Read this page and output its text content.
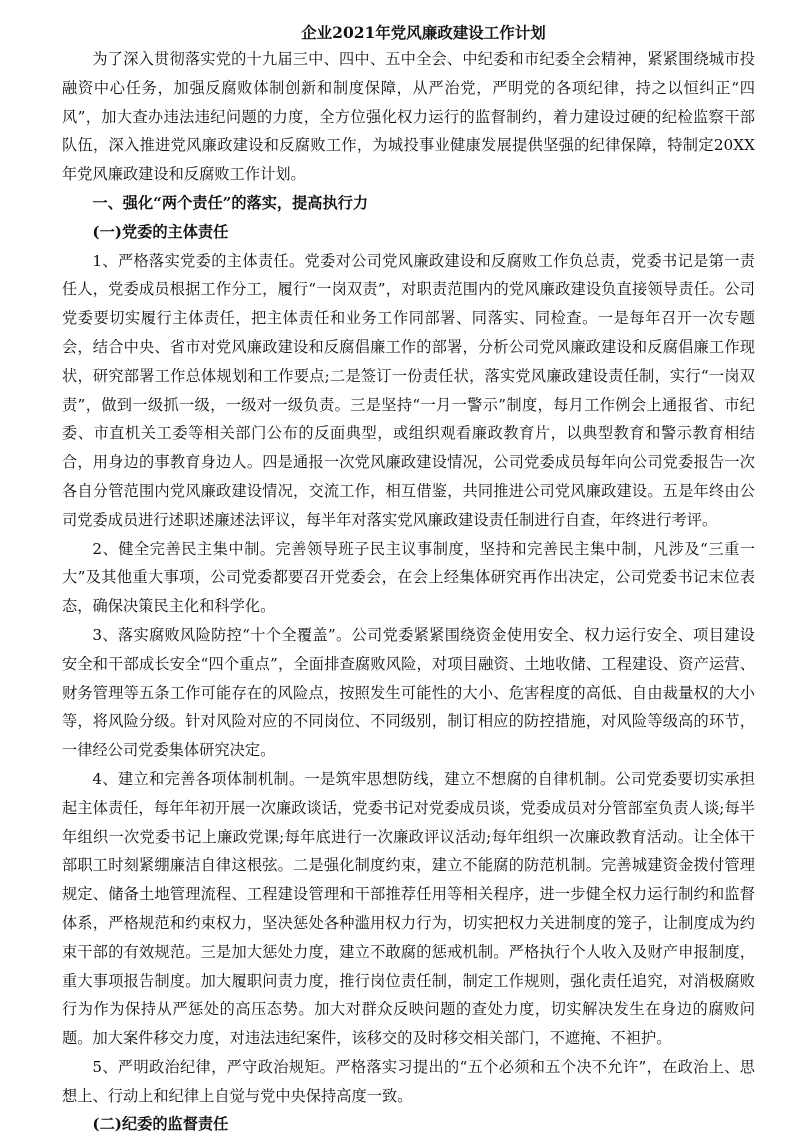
企业2021年党风廉政建设工作计划

为了深入贯彻落实党的十九届三中、四中、五中全会、中纪委和市纪委全会精神，紧紧围绕城市投融资中心任务，加强反腐败体制创新和制度保障，从严治党，严明党的各项纪律，持之以恒纠正“四风”，加大查办违法违纪问题的力度，全方位强化权力运行的监督制约，着力建设过硬的纪检监察干部队伍，深入推进党风廉政建设和反腐败工作，为城投事业健康发展提供坚强的纪律保障，特制定20XX年党风廉政建设和反腐败工作计划。

一、强化“两个责任”的落实，提高执行力

(一)党委的主体责任

1、严格落实党委的主体责任。党委对公司党风廉政建设和反腐败工作负总责，党委书记是第一责任人，党委成员根据工作分工，履行“一岗双责”，对职责范围内的党风廉政建设负直接领导责任。公司党委要切实履行主体责任，把主体责任和业务工作同部署、同落实、同检查。一是每年召开一次专题会，结合中央、省市对党风廉政建设和反腐倡廉工作的部署，分析公司党风廉政建设和反腐倡廉工作现状，研究部署工作总体规划和工作要点;二是签订一份责任状，落实党风廉政建设责任制，实行“一岗双责”，做到一级抓一级，一级对一级负责。三是坚持“一月一警示”制度，每月工作例会上通报省、市纪委、市直机关工委等相关部门公布的反面典型，或组织观看廉政教育片，以典型教育和警示教育相结合，用身边的事教育身边人。四是通报一次党风廉政建设情况，公司党委成员每年向公司党委报告一次各自分管范围内党风廉政建设情况，交流工作，相互借鉴，共同推进公司党风廉政建设。五是年终由公司党委成员进行述职述廉述法评议，每半年对落实党风廉政建设责任制进行自查，年终进行考评。

2、健全完善民主集中制。完善领导班子民主议事制度，坚持和完善民主集中制，凡涉及“三重一大”及其他重大事项，公司党委都要召开党委会，在会上经集体研究再作出决定，公司党委书记末位表态，确保决策民主化和科学化。

3、落实腐败风险防控“十个全覆盖”。公司党委紧紧围绕资金使用安全、权力运行安全、项目建设安全和干部成长安全“四个重点”，全面排查腐败风险，对项目融资、土地收储、工程建设、资产运营、财务管理等五条工作可能存在的风险点，按照发生可能性的大小、危害程度的高低、自由裁量权的大小等，将风险分级。针对风险对应的不同岗位、不同级别，制订相应的防控措施，对风险等级高的环节，一律经公司党委集体研究决定。

4、建立和完善各项体制机制。一是筑牢思想防线，建立不想腐的自律机制。公司党委要切实承担起主体责任，每年年初开展一次廉政谈话，党委书记对党委成员谈，党委成员对分管部室负责人谈;每半年组织一次党委书记上廉政党课;每年底进行一次廉政评议活动;每年组织一次廉政教育活动。让全体干部职工时刻紧绷廉洁自律这根弦。二是强化制度约束，建立不能腐的防范机制。完善城建资金拨付管理规定、储备土地管理流程、工程建设管理和干部推荐任用等相关程序，进一步健全权力运行制约和监督体系，严格规范和约束权力，坚决惩处各种滥用权力行为，切实把权力关进制度的笼子，让制度成为约束干部的有效规范。三是加大惩处力度，建立不敢腐的惩戒机制。严格执行个人收入及财产申报制度，重大事项报告制度。加大履职问责力度，推行岗位责任制，制定工作规则，强化责任追究，对消极腐败行为作为保持从严惩处的高压态势。加大对群众反映问题的查处力度，切实解决发生在身边的腐败问题。加大案件移交力度，对违法违纪案件，该移交的及时移交相关部门，不遮掩、不袒护。

5、严明政治纪律，严守政治规矩。严格落实习提出的“五个必须和五个决不允许”，在政治上、思想上、行动上和纪律上自觉与党中央保持高度一致。

(二)纪委的监督责任
